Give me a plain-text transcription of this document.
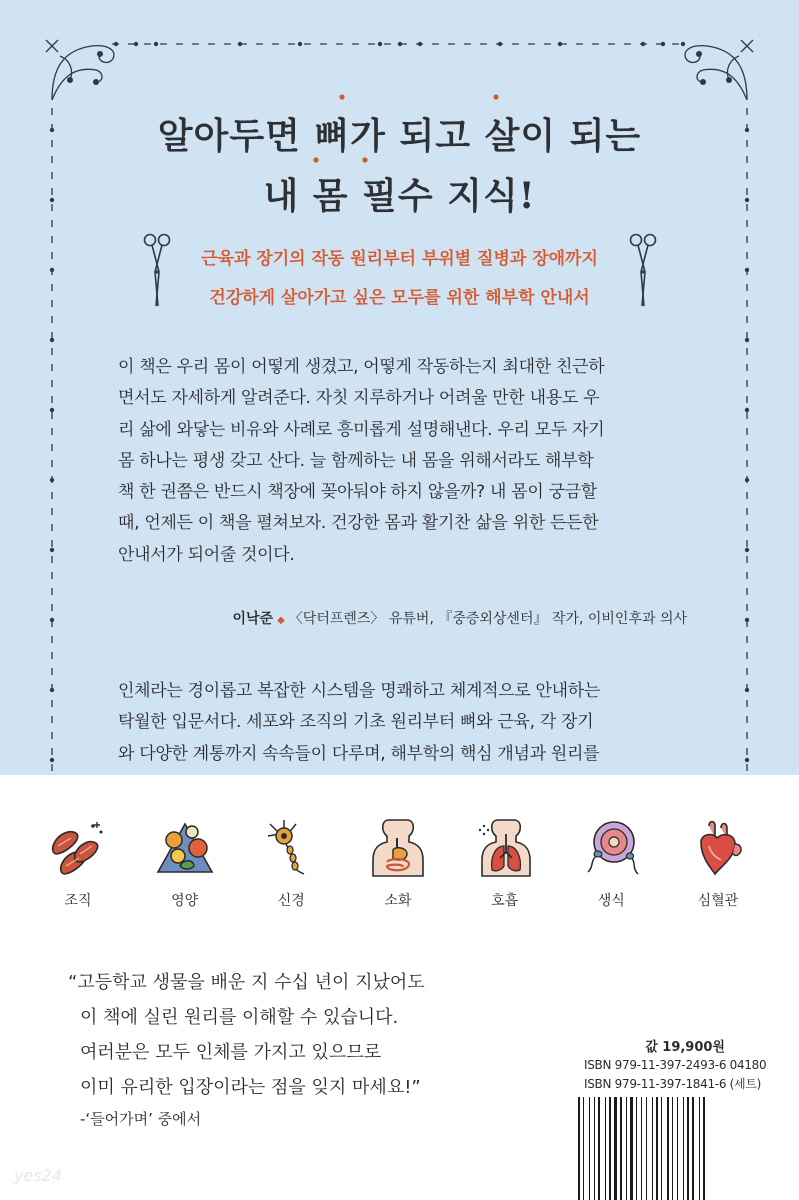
알아두면 뼈가 되고 살이 되는
내 몸 필수 지식!
근육과 장기의 작동 원리부터 부위별 질병과 장애까지
건강하게 살아가고 싶은 모두를 위한 해부학 안내서
이 책은 우리 몸이 어떻게 생겼고, 어떻게 작동하는지 최대한 친근하
면서도 자세하게 알려준다. 자칫 지루하거나 어려울 만한 내용도 우
리 삶에 와닿는 비유와 사례로 흥미롭게 설명해낸다. 우리 모두 자기
몸 하나는 평생 갖고 산다. 늘 함께하는 내 몸을 위해서라도 해부학
책 한 권쯤은 반드시 책장에 꽂아둬야 하지 않을까? 내 몸이 궁금할
때, 언제든 이 책을 펼쳐보자. 건강한 몸과 활기찬 삶을 위한 든든한
안내서가 되어줄 것이다.
이낙준 ◆ 〈닥터프렌즈〉 유튜버, 『중증외상센터』 작가, 이비인후과 의사
인체라는 경이롭고 복잡한 시스템을 명쾌하고 체계적으로 안내하는
탁월한 입문서다. 세포와 조직의 기초 원리부터 뼈와 근육, 각 장기
와 다양한 계통까지 속속들이 다루며, 해부학의 핵심 개념과 원리를
조직	영양	신경	소화	호흡	생식	심혈관
“고등학교 생물을 배운 지 수십 년이 지났어도
이 책에 실린 원리를 이해할 수 있습니다.
여러분은 모두 인체를 가지고 있으므로
이미 유리한 입장이라는 점을 잊지 마세요!”
-‘들어가며’ 중에서
값 19,900원
ISBN 979-11-397-2493-6 04180
ISBN 979-11-397-1841-6 (세트)
yes24
